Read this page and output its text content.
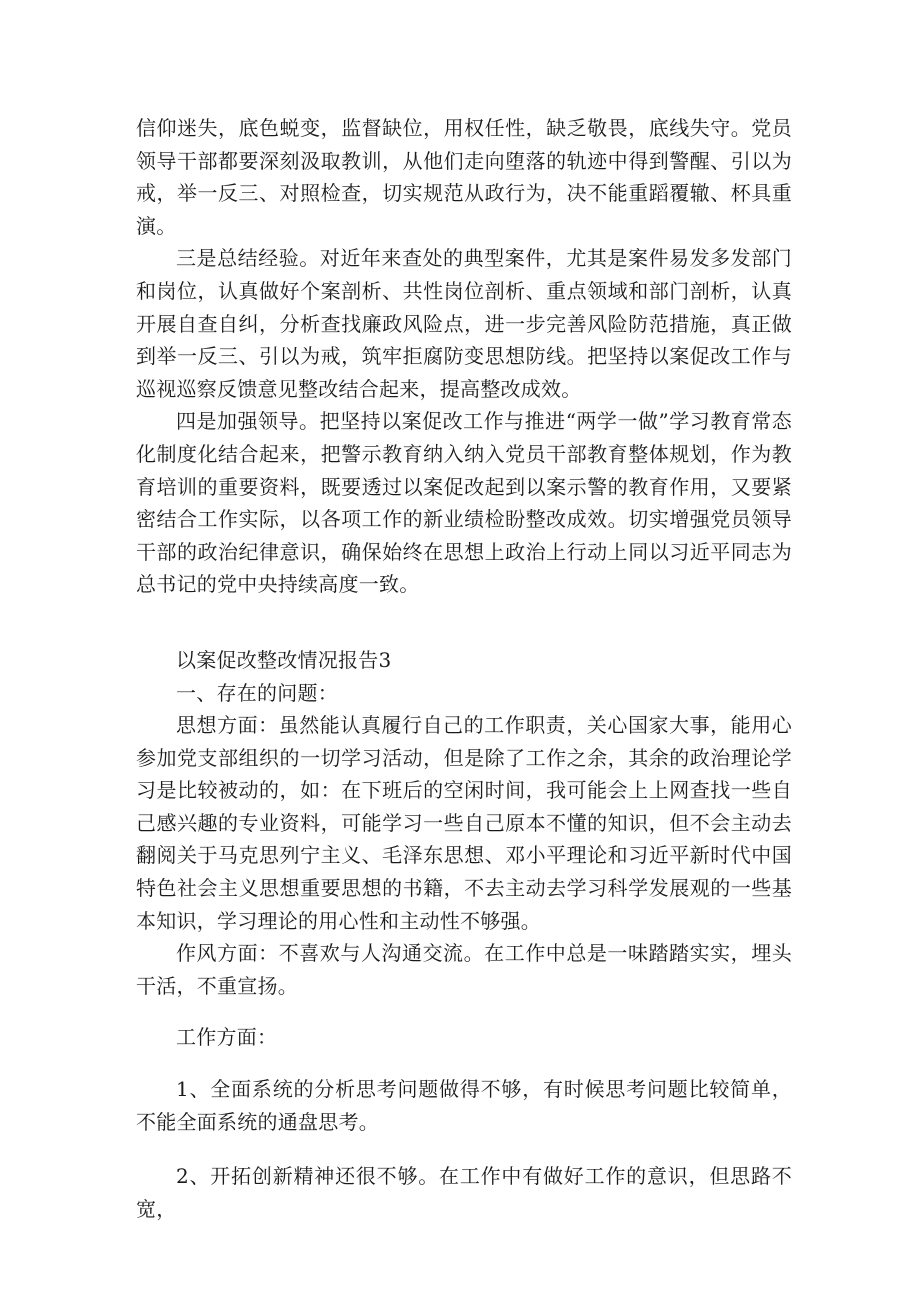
信仰迷失，底色蜕变，监督缺位，用权任性，缺乏敬畏，底线失守。党员领导干部都要深刻汲取教训，从他们走向堕落的轨迹中得到警醒、引以为戒，举一反三、对照检查，切实规范从政行为，决不能重蹈覆辙、杯具重演。

三是总结经验。对近年来查处的典型案件，尤其是案件易发多发部门和岗位，认真做好个案剖析、共性岗位剖析、重点领域和部门剖析，认真开展自查自纠，分析查找廉政风险点，进一步完善风险防范措施，真正做到举一反三、引以为戒，筑牢拒腐防变思想防线。把坚持以案促改工作与巡视巡察反馈意见整改结合起来，提高整改成效。

四是加强领导。把坚持以案促改工作与推进“两学一做”学习教育常态化制度化结合起来，把警示教育纳入纳入党员干部教育整体规划，作为教育培训的重要资料，既要透过以案促改起到以案示警的教育作用，又要紧密结合工作实际，以各项工作的新业绩检盼整改成效。切实增强党员领导干部的政治纪律意识，确保始终在思想上政治上行动上同以习近平同志为总书记的党中央持续高度一致。

以案促改整改情况报告3

一、存在的问题：

思想方面：虽然能认真履行自己的工作职责，关心国家大事，能用心参加党支部组织的一切学习活动，但是除了工作之余，其余的政治理论学习是比较被动的，如：在下班后的空闲时间，我可能会上上网查找一些自己感兴趣的专业资料，可能学习一些自己原本不懂的知识，但不会主动去翻阅关于马克思列宁主义、毛泽东思想、邓小平理论和习近平新时代中国特色社会主义思想重要思想的书籍，不去主动去学习科学发展观的一些基本知识，学习理论的用心性和主动性不够强。

作风方面：不喜欢与人沟通交流。在工作中总是一味踏踏实实，埋头干活，不重宣扬。

工作方面：

1、全面系统的分析思考问题做得不够，有时候思考问题比较简单，不能全面系统的通盘思考。

2、开拓创新精神还很不够。在工作中有做好工作的意识，但思路不宽，
